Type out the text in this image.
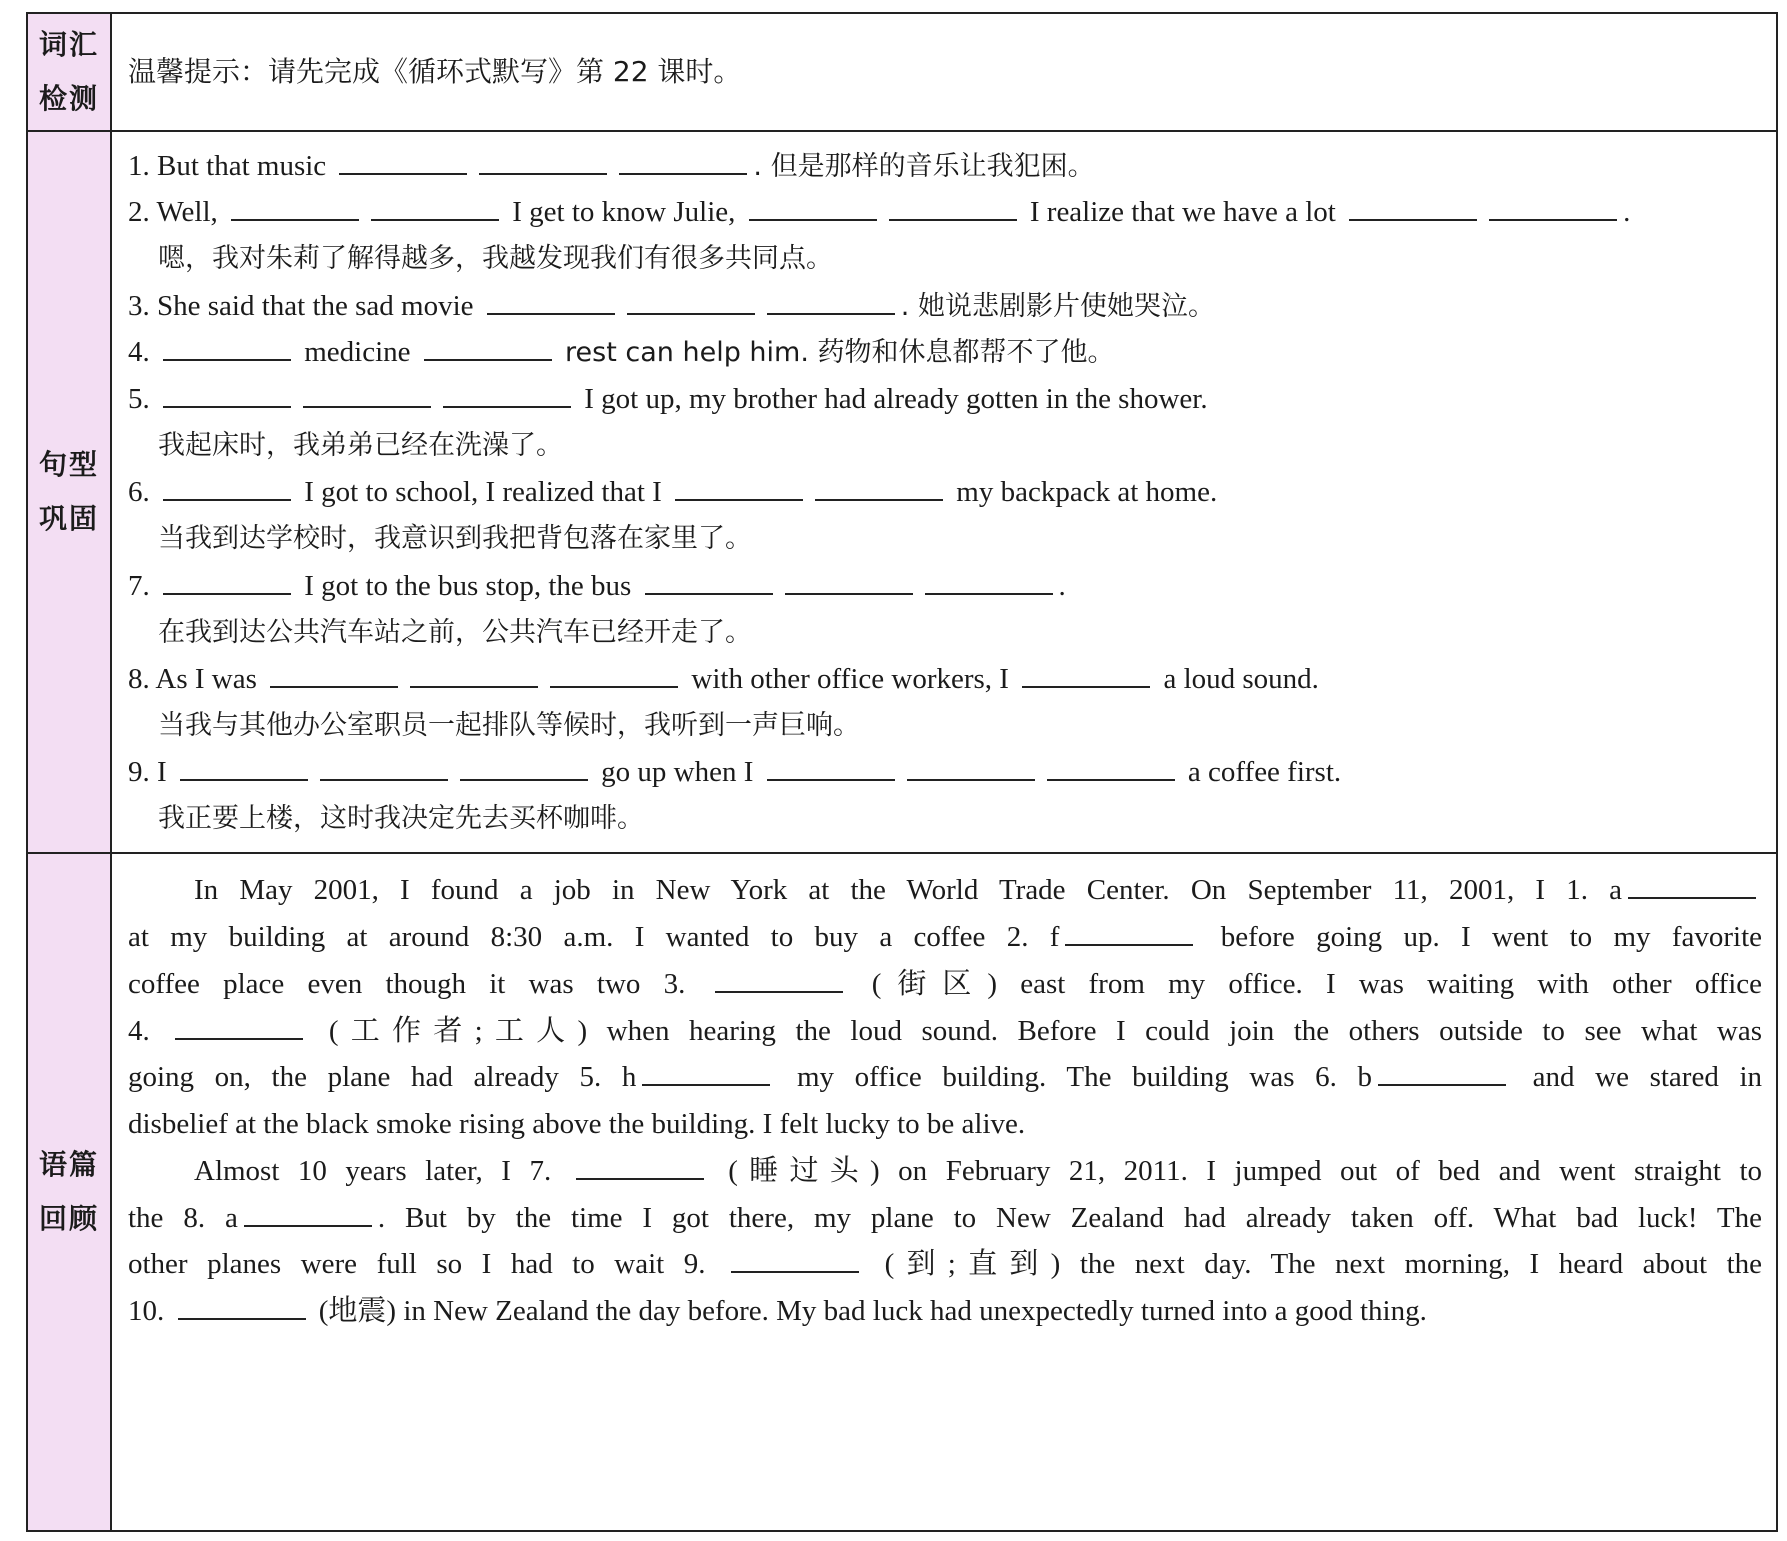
词汇
检测
温馨提示：请先完成《循环式默写》第 22 课时。
句型
巩固
1. But that music	. 但是那样的音乐让我犯困。
2. Well,	I get to know Julie,	I realize that we have a lot	.
嗯，我对朱莉了解得越多，我越发现我们有很多共同点。
3. She said that the sad movie	. 她说悲剧影片使她哭泣。
4.	medicine	rest can help him. 药物和休息都帮不了他。
5.	I got up, my brother had already gotten in the shower.
我起床时，我弟弟已经在洗澡了。
6.	I got to school, I realized that I	my backpack at home.
当我到达学校时，我意识到我把背包落在家里了。
7.	I got to the bus stop, the bus	.
在我到达公共汽车站之前，公共汽车已经开走了。
8. As I was	with other office workers, I	a loud sound.
当我与其他办公室职员一起排队等候时，我听到一声巨响。
9. I	go up when I	a coffee first.
我正要上楼，这时我决定先去买杯咖啡。
语篇
回顾
In May 2001, I found a job in New York at the World Trade Center. On September 11, 2001, I 1. a
at my building at around 8:30 a.m. I wanted to buy a coffee 2. f	before going up. I went to my favorite
coffee place even though it was two 3.	(街区) east from my office. I was waiting with other office
4.	(工作者;工人) when hearing the loud sound. Before I could join the others outside to see what was
going on, the plane had already 5. h	my office building. The building was 6. b	and we stared in
disbelief at the black smoke rising above the building. I felt lucky to be alive.
Almost 10 years later, I 7.	(睡过头) on February 21, 2011. I jumped out of bed and went straight to
the 8. a	. But by the time I got there, my plane to New Zealand had already taken off. What bad luck! The
other planes were full so I had to wait 9.	(到;直到) the next day. The next morning, I heard about the
10.	(地震) in New Zealand the day before. My bad luck had unexpectedly turned into a good thing.
